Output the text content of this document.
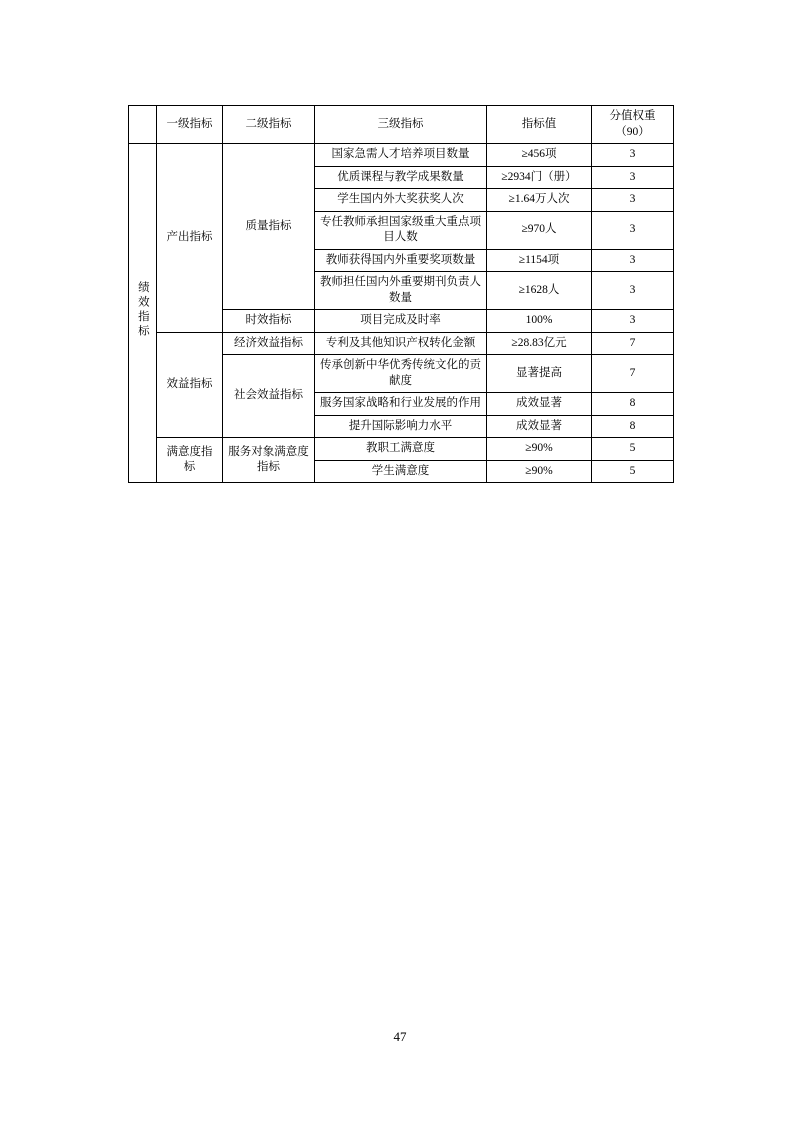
	一级指标	二级指标	三级指标	指标值	分值权重
（90）

绩效指标	产出指标	质量指标	国家急需人才培养项目数量	≥456项	3
			优质课程与教学成果数量	≥2934门（册）	3
			学生国内外大奖获奖人次	≥1.64万人次	3
			专任教师承担国家级重大重点项目人数	≥970人	3
			教师获得国内外重要奖项数量	≥1154项	3
			教师担任国内外重要期刊负责人数量	≥1628人	3
		时效指标	项目完成及时率	100%	3
	效益指标	经济效益指标	专利及其他知识产权转化金额	≥28.83亿元	7
		社会效益指标	传承创新中华优秀传统文化的贡献度	显著提高	7
			服务国家战略和行业发展的作用	成效显著	8
			提升国际影响力水平	成效显著	8
	满意度指标	服务对象满意度指标	教职工满意度	≥90%	5
			学生满意度	≥90%	5
47
